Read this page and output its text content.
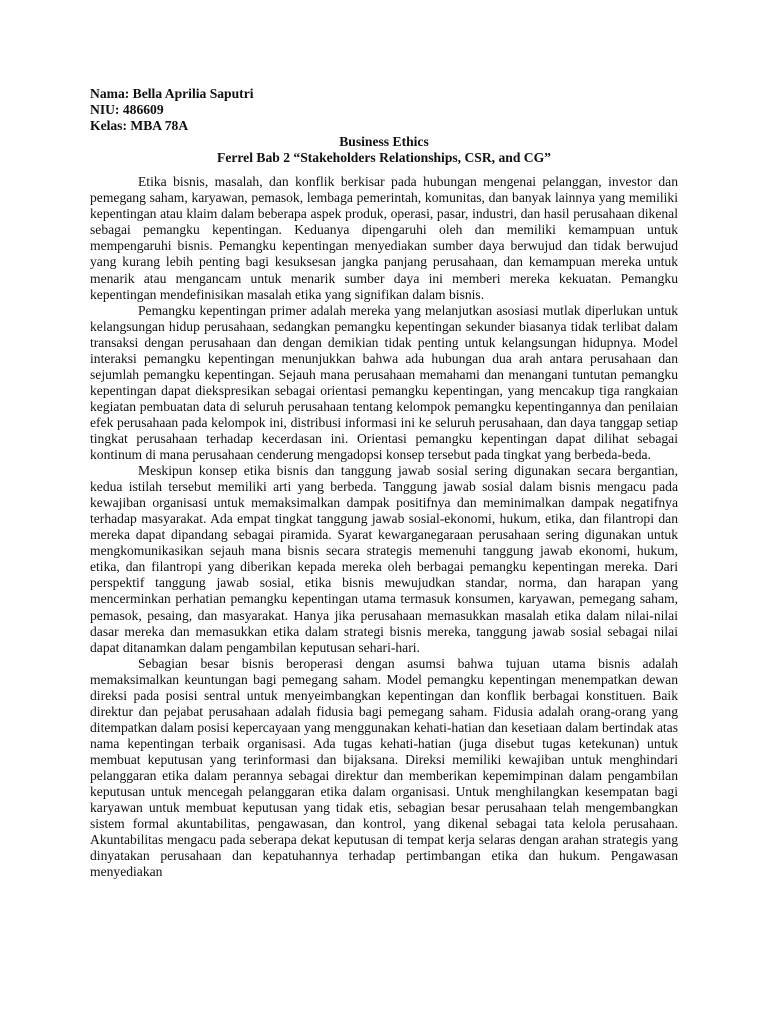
Nama: Bella Aprilia Saputri
NIU: 486609
Kelas: MBA 78A
Business Ethics
Ferrel Bab 2 “Stakeholders Relationships, CSR, and CG”

Etika bisnis, masalah, dan konflik berkisar pada hubungan mengenai pelanggan, investor dan pemegang saham, karyawan, pemasok, lembaga pemerintah, komunitas, dan banyak lainnya yang memiliki kepentingan atau klaim dalam beberapa aspek produk, operasi, pasar, industri, dan hasil perusahaan dikenal sebagai pemangku kepentingan. Keduanya dipengaruhi oleh dan memiliki kemampuan untuk mempengaruhi bisnis. Pemangku kepentingan menyediakan sumber daya berwujud dan tidak berwujud yang kurang lebih penting bagi kesuksesan jangka panjang perusahaan, dan kemampuan mereka untuk menarik atau mengancam untuk menarik sumber daya ini memberi mereka kekuatan. Pemangku kepentingan mendefinisikan masalah etika yang signifikan dalam bisnis.

Pemangku kepentingan primer adalah mereka yang melanjutkan asosiasi mutlak diperlukan untuk kelangsungan hidup perusahaan, sedangkan pemangku kepentingan sekunder biasanya tidak terlibat dalam transaksi dengan perusahaan dan dengan demikian tidak penting untuk kelangsungan hidupnya. Model interaksi pemangku kepentingan menunjukkan bahwa ada hubungan dua arah antara perusahaan dan sejumlah pemangku kepentingan. Sejauh mana perusahaan memahami dan menangani tuntutan pemangku kepentingan dapat diekspresikan sebagai orientasi pemangku kepentingan, yang mencakup tiga rangkaian kegiatan pembuatan data di seluruh perusahaan tentang kelompok pemangku kepentingannya dan penilaian efek perusahaan pada kelompok ini, distribusi informasi ini ke seluruh perusahaan, dan daya tanggap setiap tingkat perusahaan terhadap kecerdasan ini. Orientasi pemangku kepentingan dapat dilihat sebagai kontinum di mana perusahaan cenderung mengadopsi konsep tersebut pada tingkat yang berbeda-beda.

Meskipun konsep etika bisnis dan tanggung jawab sosial sering digunakan secara bergantian, kedua istilah tersebut memiliki arti yang berbeda. Tanggung jawab sosial dalam bisnis mengacu pada kewajiban organisasi untuk memaksimalkan dampak positifnya dan meminimalkan dampak negatifnya terhadap masyarakat. Ada empat tingkat tanggung jawab sosial-ekonomi, hukum, etika, dan filantropi dan mereka dapat dipandang sebagai piramida. Syarat kewarganegaraan perusahaan sering digunakan untuk mengkomunikasikan sejauh mana bisnis secara strategis memenuhi tanggung jawab ekonomi, hukum, etika, dan filantropi yang diberikan kepada mereka oleh berbagai pemangku kepentingan mereka. Dari perspektif tanggung jawab sosial, etika bisnis mewujudkan standar, norma, dan harapan yang mencerminkan perhatian pemangku kepentingan utama termasuk konsumen, karyawan, pemegang saham, pemasok, pesaing, dan masyarakat. Hanya jika perusahaan memasukkan masalah etika dalam nilai-nilai dasar mereka dan memasukkan etika dalam strategi bisnis mereka, tanggung jawab sosial sebagai nilai dapat ditanamkan dalam pengambilan keputusan sehari-hari.

Sebagian besar bisnis beroperasi dengan asumsi bahwa tujuan utama bisnis adalah memaksimalkan keuntungan bagi pemegang saham. Model pemangku kepentingan menempatkan dewan direksi pada posisi sentral untuk menyeimbangkan kepentingan dan konflik berbagai konstituen. Baik direktur dan pejabat perusahaan adalah fidusia bagi pemegang saham. Fidusia adalah orang-orang yang ditempatkan dalam posisi kepercayaan yang menggunakan kehati-hatian dan kesetiaan dalam bertindak atas nama kepentingan terbaik organisasi. Ada tugas kehati-hatian (juga disebut tugas ketekunan) untuk membuat keputusan yang terinformasi dan bijaksana. Direksi memiliki kewajiban untuk menghindari pelanggaran etika dalam perannya sebagai direktur dan memberikan kepemimpinan dalam pengambilan keputusan untuk mencegah pelanggaran etika dalam organisasi. Untuk menghilangkan kesempatan bagi karyawan untuk membuat keputusan yang tidak etis, sebagian besar perusahaan telah mengembangkan sistem formal akuntabilitas, pengawasan, dan kontrol, yang dikenal sebagai tata kelola perusahaan. Akuntabilitas mengacu pada seberapa dekat keputusan di tempat kerja selaras dengan arahan strategis yang dinyatakan perusahaan dan kepatuhannya terhadap pertimbangan etika dan hukum. Pengawasan menyediakan
